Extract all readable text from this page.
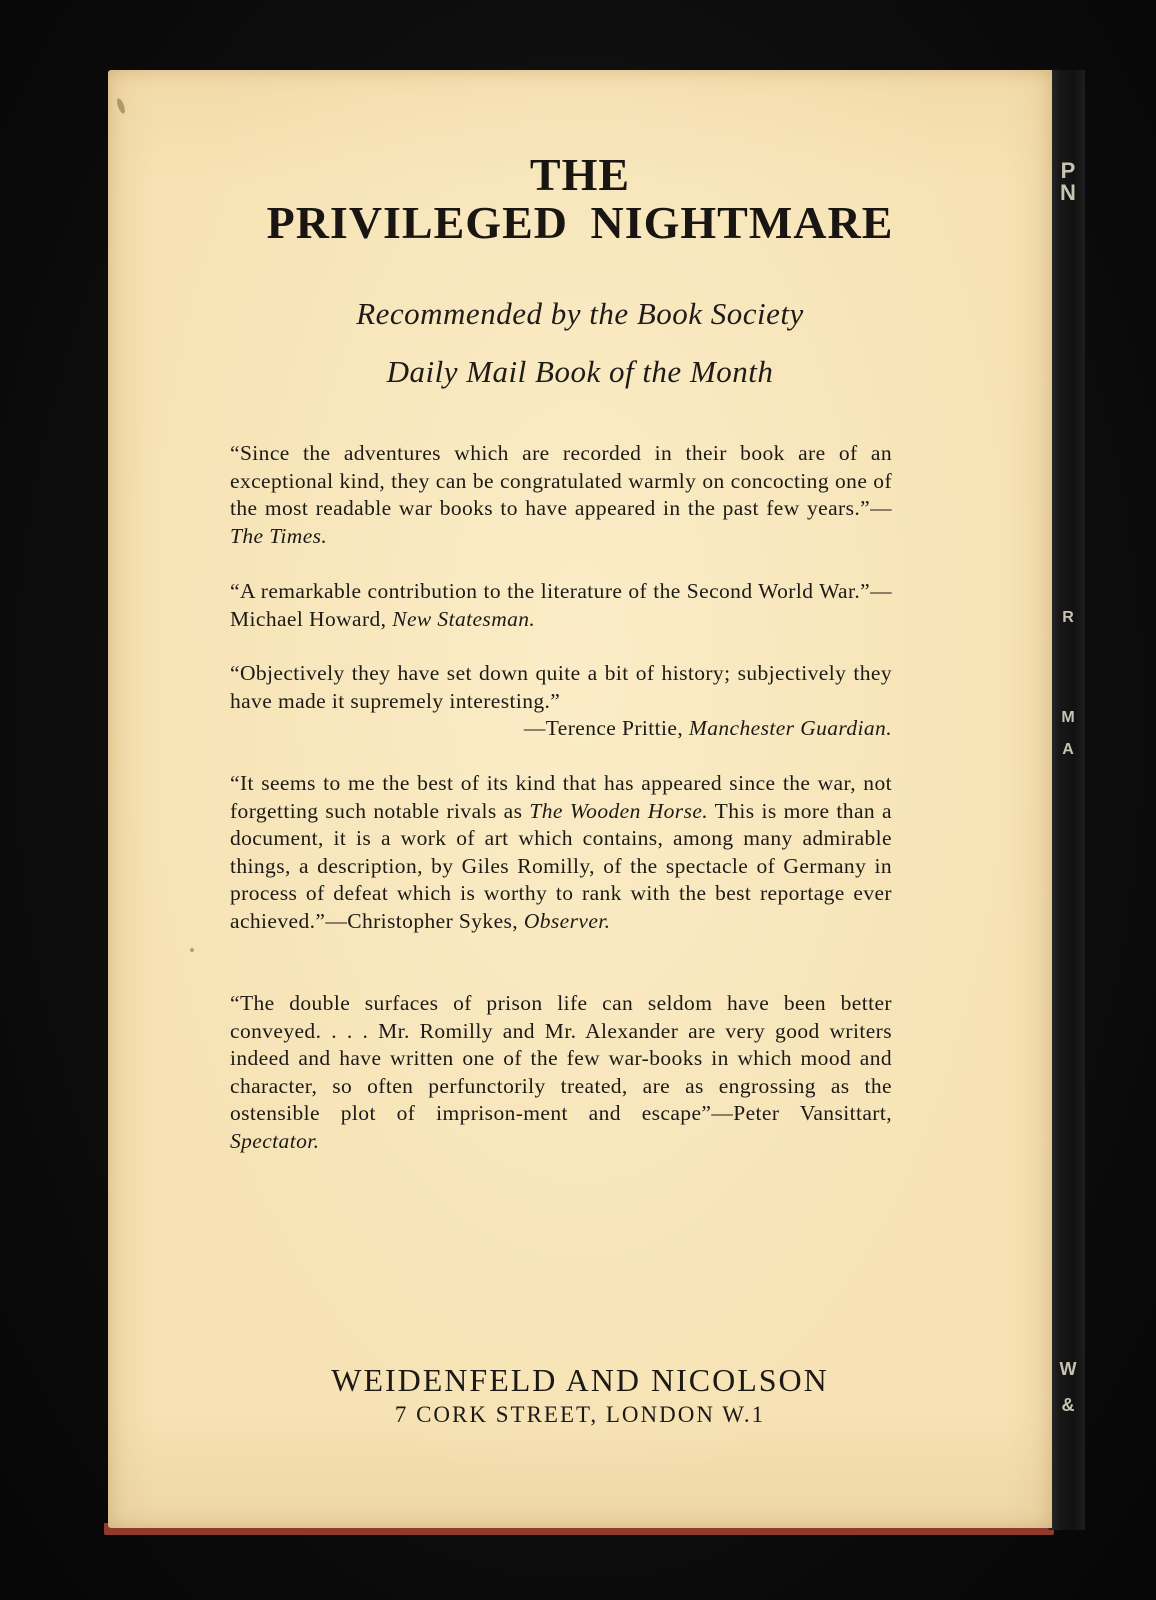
P
N
R
M

A
W

&
THE
PRIVILEGED NIGHTMARE
Recommended by the Book Society
Daily Mail Book of the Month
“Since the adventures which are recorded in their book are of an exceptional kind, they can be congratulated warmly on concocting one of the most readable war books to have appeared in the past few years.”—The Times.
“A remarkable contribution to the literature of the Second World War.”—Michael Howard, New Statesman.
“Objectively they have set down quite a bit of history; subjectively they have made it supremely interesting.”
—Terence Prittie, Manchester Guardian.
“It seems to me the best of its kind that has appeared since the war, not forgetting such notable rivals as The Wooden Horse. This is more than a document, it is a work of art which contains, among many admirable things, a description, by Giles Romilly, of the spectacle of Germany in process of defeat which is worthy to rank with the best reportage ever achieved.”—Christopher Sykes, Observer.
“The double surfaces of prison life can seldom have been better conveyed. . . . Mr. Romilly and Mr. Alexander are very good writers indeed and have written one of the few war-books in which mood and character, so often perfunctorily treated, are as engrossing as the ostensible plot of imprison-ment and escape”—Peter Vansittart, Spectator.
WEIDENFELD AND NICOLSON
7 CORK STREET, LONDON W.1
